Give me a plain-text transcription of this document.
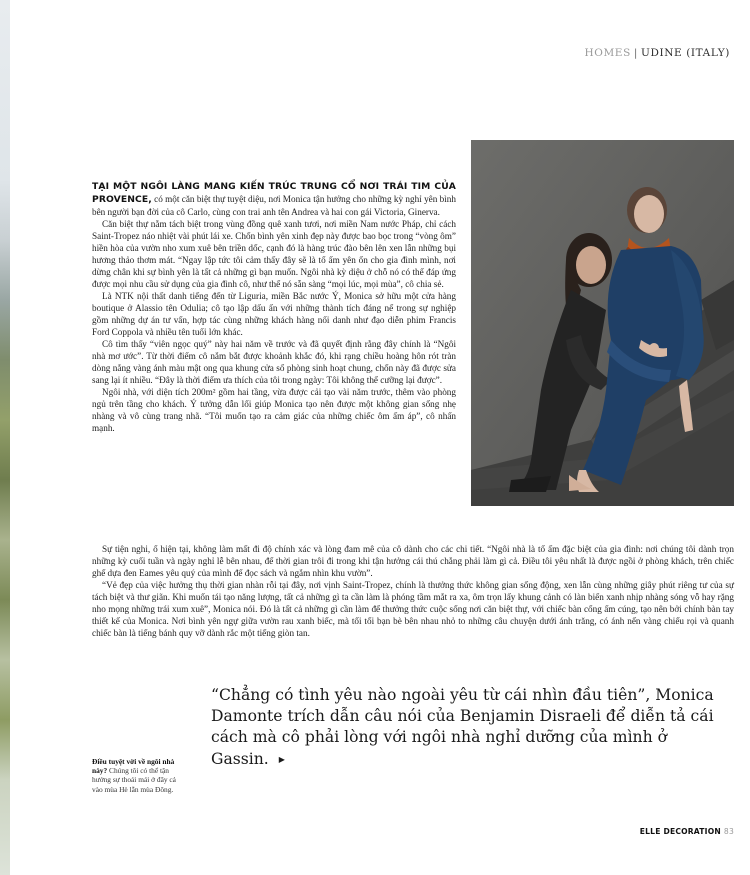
HOMES | UDINE (ITALY)

TẠI MỘT NGÔI LÀNG MANG KIẾN TRÚC TRUNG CỔ NƠI TRÁI TIM CỦA PROVENCE, có một căn biệt thự tuyệt diệu, nơi Monica tận hưởng cho những kỳ nghỉ yên bình bên người bạn đời của cô Carlo, cùng con trai anh tên Andrea và hai con gái Victoria, Ginerva.

Căn biệt thự nằm tách biệt trong vùng đồng quê xanh tươi, nơi miền Nam nước Pháp, chỉ cách Saint-Tropez náo nhiệt vài phút lái xe. Chốn bình yên xinh đẹp này được bao bọc trong “vòng ôm” hiền hòa của vườn nho xum xuê bên triền dốc, cạnh đó là hàng trúc đào bên lên xen lẫn những bụi hương thảo thơm mát. “Ngay lập tức tôi cảm thấy đây sẽ là tổ ấm yên ổn cho gia đình mình, nơi dừng chân khi sự bình yên là tất cả những gì bạn muốn. Ngôi nhà kỳ diệu ở chỗ nó có thể đáp ứng được mọi nhu cầu sử dụng của gia đình cô, như thể nó sẵn sàng “mọi lúc, mọi mùa”, cô chia sẻ.

Là NTK nội thất danh tiếng đến từ Liguria, miền Bắc nước Ý, Monica sở hữu một cửa hàng boutique ở Alassio tên Odulia; cô tạo lập dấu ấn với những thành tích đáng nể trong sự nghiệp gồm những dự án tư vấn, hợp tác cùng những khách hàng nổi danh như đạo diễn phim Francis Ford Coppola và nhiều tên tuổi lớn khác.

Cô tìm thấy “viên ngọc quý” này hai năm về trước và đã quyết định rằng đây chính là “Ngôi nhà mơ ước”. Từ thời điểm cô nắm bắt được khoảnh khắc đó, khi rạng chiều hoàng hôn rót tràn dòng nắng vàng ánh màu mật ong qua khung cửa sổ phòng sinh hoạt chung, chốn này đã được sửa sang lại ít nhiều. “Đây là thời điểm ưa thích của tôi trong ngày: Tôi không thể cưỡng lại được”.

Ngôi nhà, với diện tích 200m² gồm hai tầng, vừa được cải tạo vài năm trước, thêm vào phòng ngủ trên tầng cho khách. Ý tưởng dẫn lối giúp Monica tạo nên được một không gian sống nhẹ nhàng và vô cùng trang nhã. “Tôi muốn tạo ra cảm giác của những chiếc ôm ấm áp”, cô nhấn mạnh.

Sự tiện nghi, ổ hiện tại, không làm mất đi độ chính xác và lòng đam mê của cô dành cho các chi tiết. “Ngôi nhà là tổ ấm đặc biệt của gia đình: nơi chúng tôi dành trọn những kỳ cuối tuần và ngày nghỉ lễ bên nhau, để thời gian trôi đi trong khi tận hưởng cái thú chẳng phải làm gì cả. Điều tôi yêu nhất là được ngồi ở phòng khách, trên chiếc ghế dựa đen Eames yêu quý của mình để đọc sách và ngắm nhìn khu vườn”.

“Vẻ đẹp của việc hưởng thụ thời gian nhàn rỗi tại đây, nơi vịnh Saint-Tropez, chính là thưởng thức không gian sống động, xen lẫn cùng những giây phút riêng tư của sự tách biệt và thư giãn. Khi muốn tái tạo năng lượng, tất cả những gì ta cần làm là phóng tầm mắt ra xa, ôm trọn lấy khung cảnh có làn biển xanh nhịp nhàng sóng vỗ hay rặng nho mọng những trái xum xuê”, Monica nói. Đó là tất cả những gì cần làm để thưởng thức cuộc sống nơi căn biệt thự, với chiếc bàn cổng ấm cúng, tạo nên bởi chính bàn tay thiết kế của Monica. Nơi bình yên ngự giữa vườn rau xanh biếc, mà tối tối bạn bè bên nhau nhỏ to những câu chuyện dưới ánh trăng, có ánh nến vàng chiếu rọi và quanh chiếc bàn là tiếng bánh quy vỡ dành rắc một tiếng giòn tan.

“Chẳng có tình yêu nào ngoài yêu từ cái nhìn đầu tiên”, Monica Damonte trích dẫn câu nói của Benjamin Disraeli để diễn tả cái cách mà cô phải lòng với ngôi nhà nghỉ dưỡng của mình ở Gassin. ▶
Điều tuyệt vời về ngôi nhà này? Chúng tôi có thể tận hưởng sự thoải mái ở đây cả vào mùa Hè lẫn mùa Đông.
ELLE DECORATION 83
